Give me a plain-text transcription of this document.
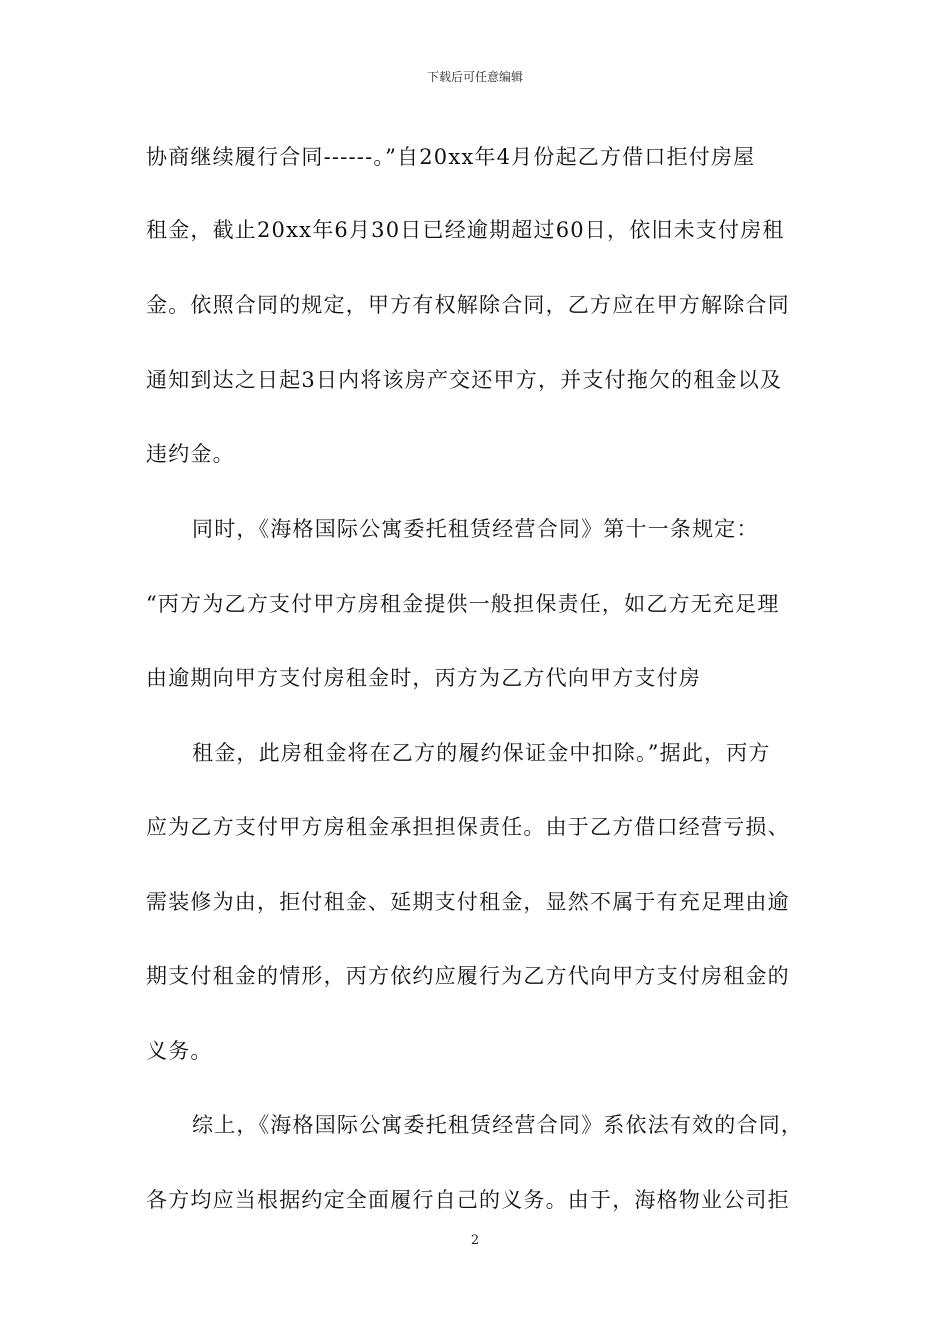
下载后可任意编辑
协商继续履行合同------。”自20xx年4月份起乙方借口拒付房屋
租金，截止20xx年6月30日已经逾期超过60日，依旧未支付房租
金。依照合同的规定，甲方有权解除合同，乙方应在甲方解除合同
通知到达之日起3日内将该房产交还甲方，并支付拖欠的租金以及
违约金。
同时，《海格国际公寓委托租赁经营合同》第十一条规定：
“丙方为乙方支付甲方房租金提供一般担保责任，如乙方无充足理
由逾期向甲方支付房租金时，丙方为乙方代向甲方支付房
租金，此房租金将在乙方的履约保证金中扣除。”据此，丙方
应为乙方支付甲方房租金承担担保责任。由于乙方借口经营亏损、
需装修为由，拒付租金、延期支付租金，显然不属于有充足理由逾
期支付租金的情形，丙方依约应履行为乙方代向甲方支付房租金的
义务。
综上，《海格国际公寓委托租赁经营合同》系依法有效的合同，
各方均应当根据约定全面履行自己的义务。由于，海格物业公司拒
2
